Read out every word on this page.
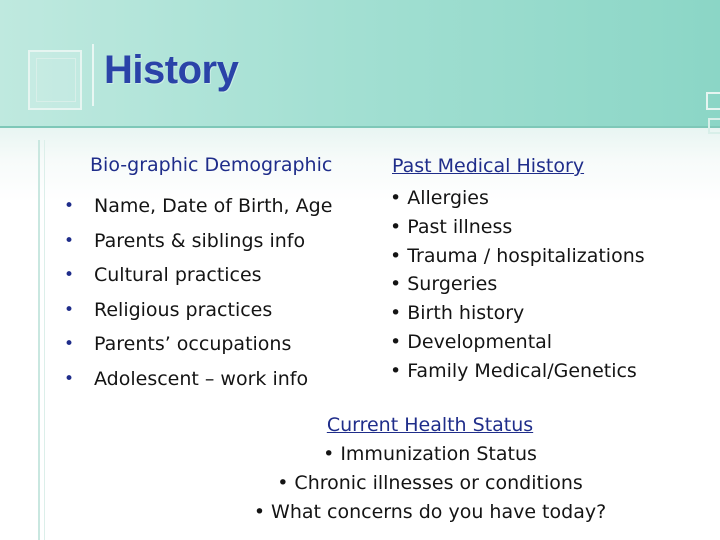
History
Bio-graphic Demographic
•	Name, Date of Birth, Age
•	Parents & siblings info
•	Cultural practices
•	Religious practices
•	Parents’ occupations
•	Adolescent – work info
Past Medical History
• Allergies
• Past illness
• Trauma / hospitalizations
• Surgeries
• Birth history
• Developmental
• Family Medical/Genetics
Current Health Status
• Immunization Status
• Chronic illnesses or conditions
• What concerns do you have today?
